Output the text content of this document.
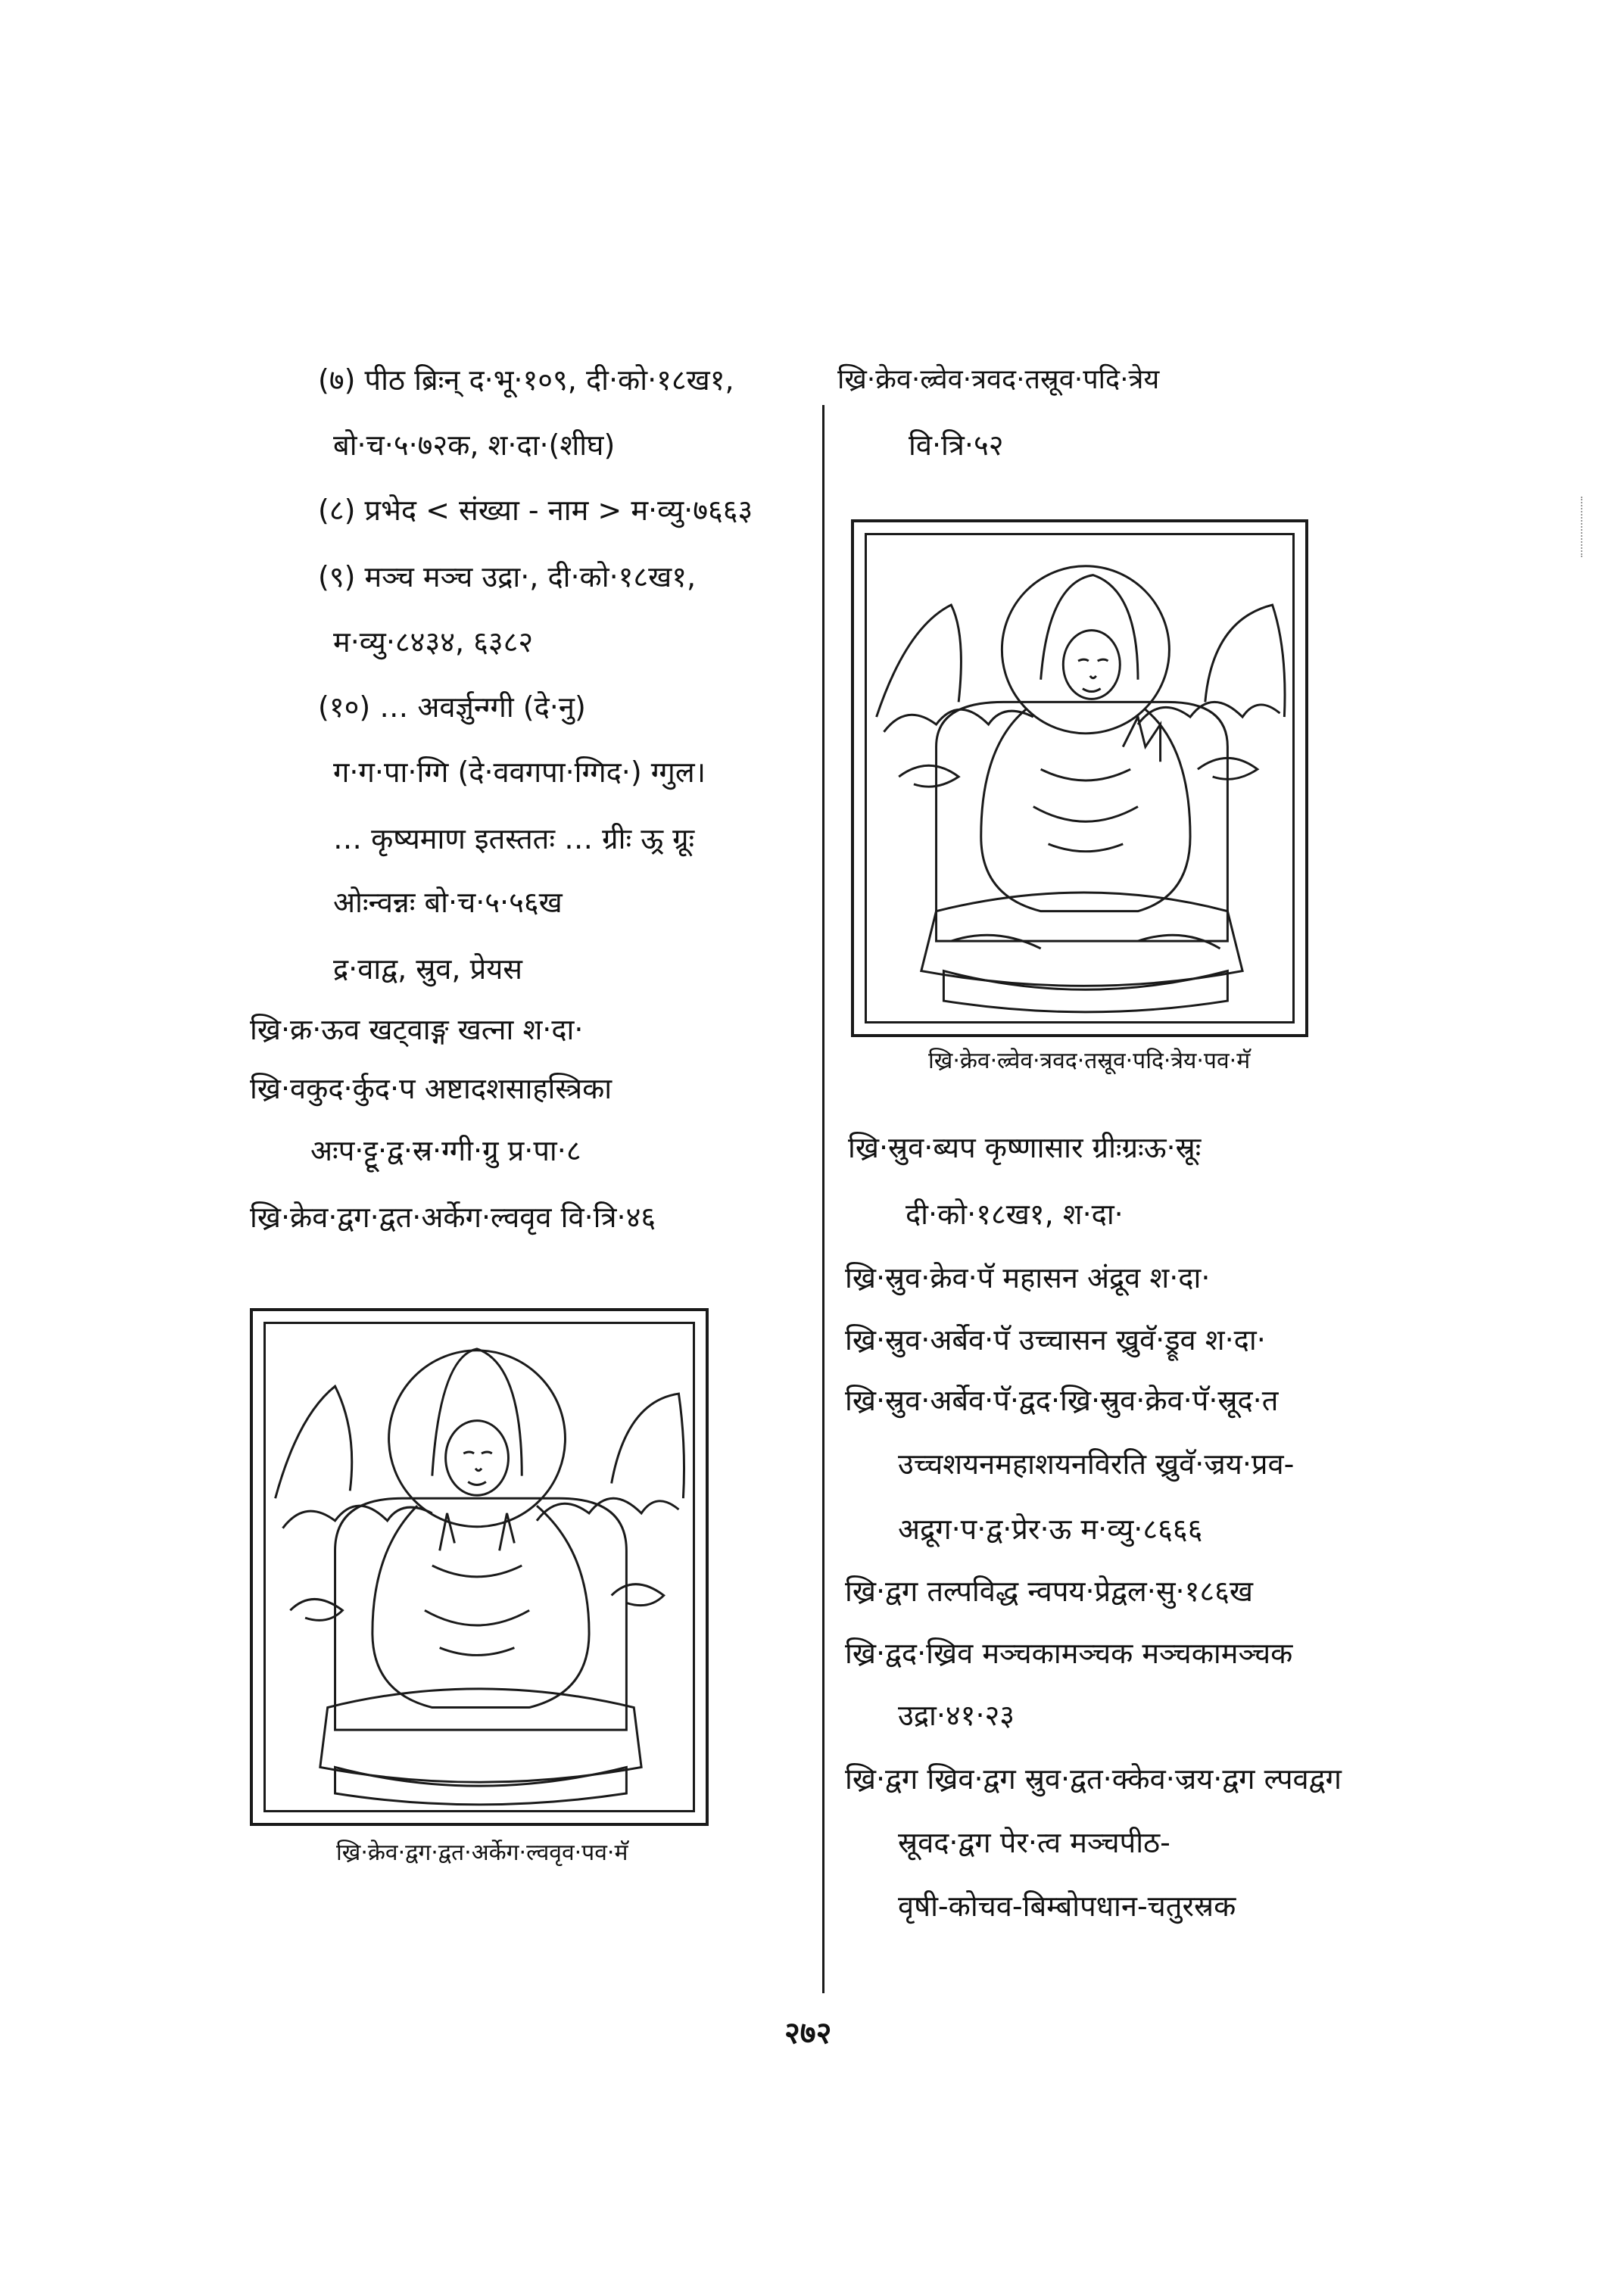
(७) पीठ ब्रिःन् द·भू·१०९, दी·को·१८ख१,
बो·च·५·७२क, श·दा·(शीघ)
(८) प्रभेद < संख्या - नाम > म·व्यु·७६६३
(९) मञ्च मञ्च उद्रा·, दी·को·१८ख१,
म·व्यु·८४३४, ६३८२
(१०) … अवर्ज्ञुन्ग्गी (दे·नु)
ग·ग·पा·ग्गि (दे·ववगपा·ग्गिद·) ग्गुल।
… कृष्यमाण इतस्ततः … ग्रीः ऊ्र ग्रूः
ओःन्वन्नः बो·च·५·५६ख
द्र·वाद्व, स्रुव, प्रेयस
ख्रि·क्र·ऊव खट्वाङ्ग खत्ना श·दा·
ख्रि·वकुद·र्कुद·प अष्टादशसाहस्त्रिका
अःप·ट्टू·द्व·स्र·ग्गी·ग्रु प्र·पा·८
ख्रि·क्रेव·द्वग·द्वत·अर्केग·ल्ववृव वि·त्रि·४६
ख्रि·क्रेव·ल्र्वेव·त्रवद·तस्रूव·पदि·त्रेय
वि·त्रि·५२
ख्रि·क्रेव·ल्र्वेव·त्रवद·तस्रूव·पदि·त्रेय·पव·मॅ
ख्रि·स्रुव·ब्यप कृष्णासार ग्रीःग्रःऊ·स्रूः
दी·को·१८ख१, श·दा·
ख्रि·स्रुव·क्रेव·पॅ महासन अंद्रूव श·दा·
ख्रि·स्रुव·अर्बेव·पॅ उच्चासन ख्रुवॅ·ड्रूव श·दा·
ख्रि·स्रुव·अर्बेव·पॅ·द्वद·ख्रि·स्रुव·क्रेव·पॅ·स्रूद·त
उच्चशयनमहाशयनविरति ख्रुवॅ·ज्रय·प्रव-
अद्रूग·प·द्व·प्रेर·ऊ म·व्यु·८६६६
ख्रि·द्वग तल्पविद्ध न्वपय·प्रेद्वल·सु·१८६ख
ख्रि·द्वद·ख्रिव मञ्चकामञ्चक मञ्चकामञ्चक
उद्रा·४१·२३
ख्रि·द्वग ख्रिव·द्वग स्रुव·द्वत·क्केव·ज्रय·द्वग ल्पवद्वग
स्रूवद·द्वग पेर·त्व मञ्चपीठ-
वृषी-कोचव-बिम्बोपधान-चतुरस्रक
ख्रि·क्रेव·द्वग·द्वत·अर्केग·ल्ववृव·पव·मॅ
२७२
